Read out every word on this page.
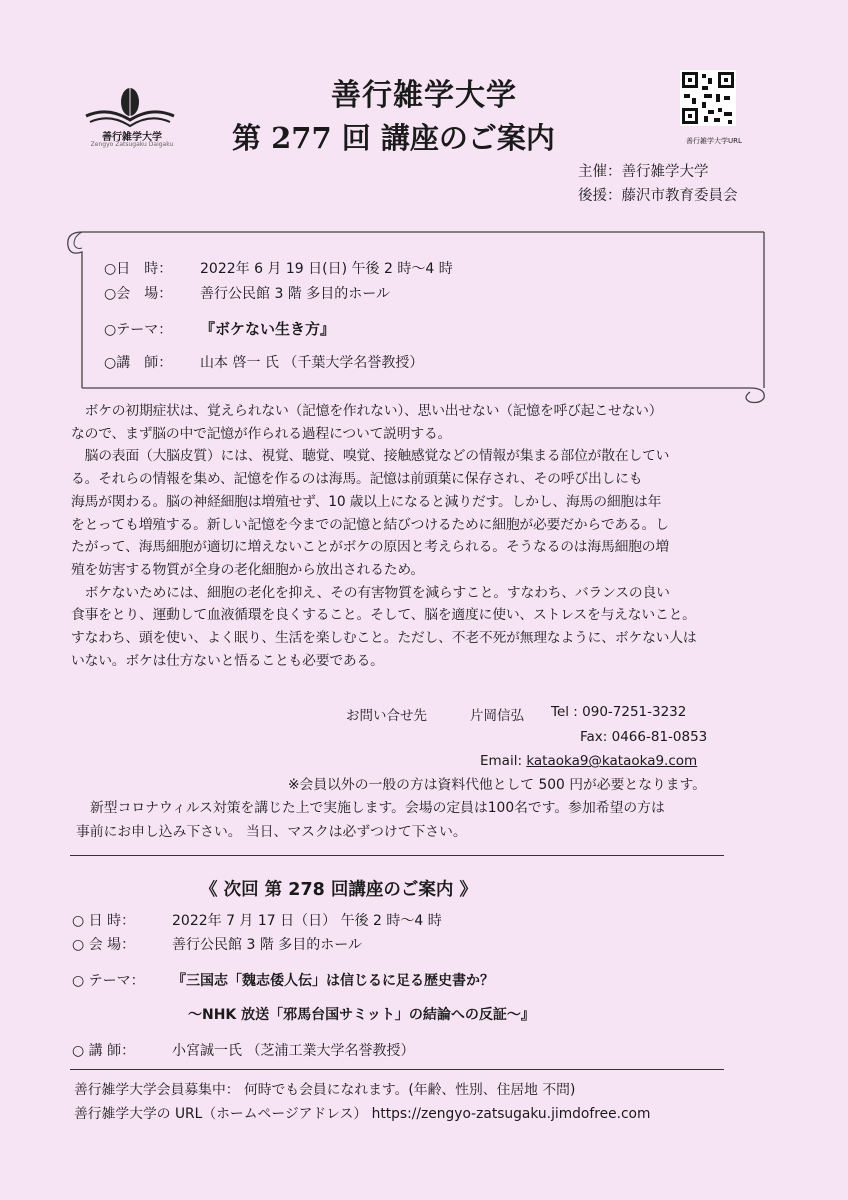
善行雑学大学
Zengyo Zatsugaku Daigaku
善行雑学大学
第 277 回 講座のご案内	善行雑学大学URL
主催：善行雑学大学
後援：藤沢市教育委員会
○日　時： 2022年 6 月 19 日(日) 午後 2 時～4 時
○会　場： 善行公民館 3 階 多目的ホール
○テーマ： 『ボケない生き方』
○講　師： 山本 啓一 氏 （千葉大学名誉教授）
　ボケの初期症状は、覚えられない（記憶を作れない）、思い出せない（記憶を呼び起こせない）
なので、まず脳の中で記憶が作られる過程について説明する。
　脳の表面（大脳皮質）には、視覚、聴覚、嗅覚、接触感覚などの情報が集まる部位が散在してい
る。それらの情報を集め、記憶を作るのは海馬。記憶は前頭葉に保存され、その呼び出しにも
海馬が関わる。脳の神経細胞は増殖せず、10 歳以上になると減りだす。しかし、海馬の細胞は年
をとっても増殖する。新しい記憶を今までの記憶と結びつけるために細胞が必要だからである。し
たがって、海馬細胞が適切に増えないことがボケの原因と考えられる。そうなるのは海馬細胞の増
殖を妨害する物質が全身の老化細胞から放出されるため。
　ボケないためには、細胞の老化を抑え、その有害物質を減らすこと。すなわち、バランスの良い
食事をとり、運動して血液循環を良くすること。そして、脳を適度に使い、ストレスを与えないこと。
すなわち、頭を使い、よく眠り、生活を楽しむこと。ただし、不老不死が無理なように、ボケない人は
いない。ボケは仕方ないと悟ることも必要である。
お問い合せ先	片岡信弘 Tel : 090-7251-3232
Fax: 0466-81-0853
Email: kataoka9@kataoka9.com
※会員以外の一般の方は資料代他として 500 円が必要となります。
新型コロナウィルス対策を講じた上で実施します。会場の定員は100名です。参加希望の方は
事前にお申し込み下さい。 当日、マスクは必ずつけて下さい。
《 次回 第 278 回講座のご案内 》
○ 日 時：	2022年 7 月 17 日（日） 午後 2 時～4 時
○ 会 場：	善行公民館 3 階 多目的ホール
○ テーマ： 『三国志「魏志倭人伝」は信じるに足る歴史書か？
～NHK 放送「邪馬台国サミット」の結論への反証～』
○ 講 師：	小宮誠一氏 （芝浦工業大学名誉教授）
善行雑学大学会員募集中： 何時でも会員になれます。(年齢、性別、住居地 不問)
善行雑学大学の URL（ホームページアドレス） https://zengyo-zatsugaku.jimdofree.com
